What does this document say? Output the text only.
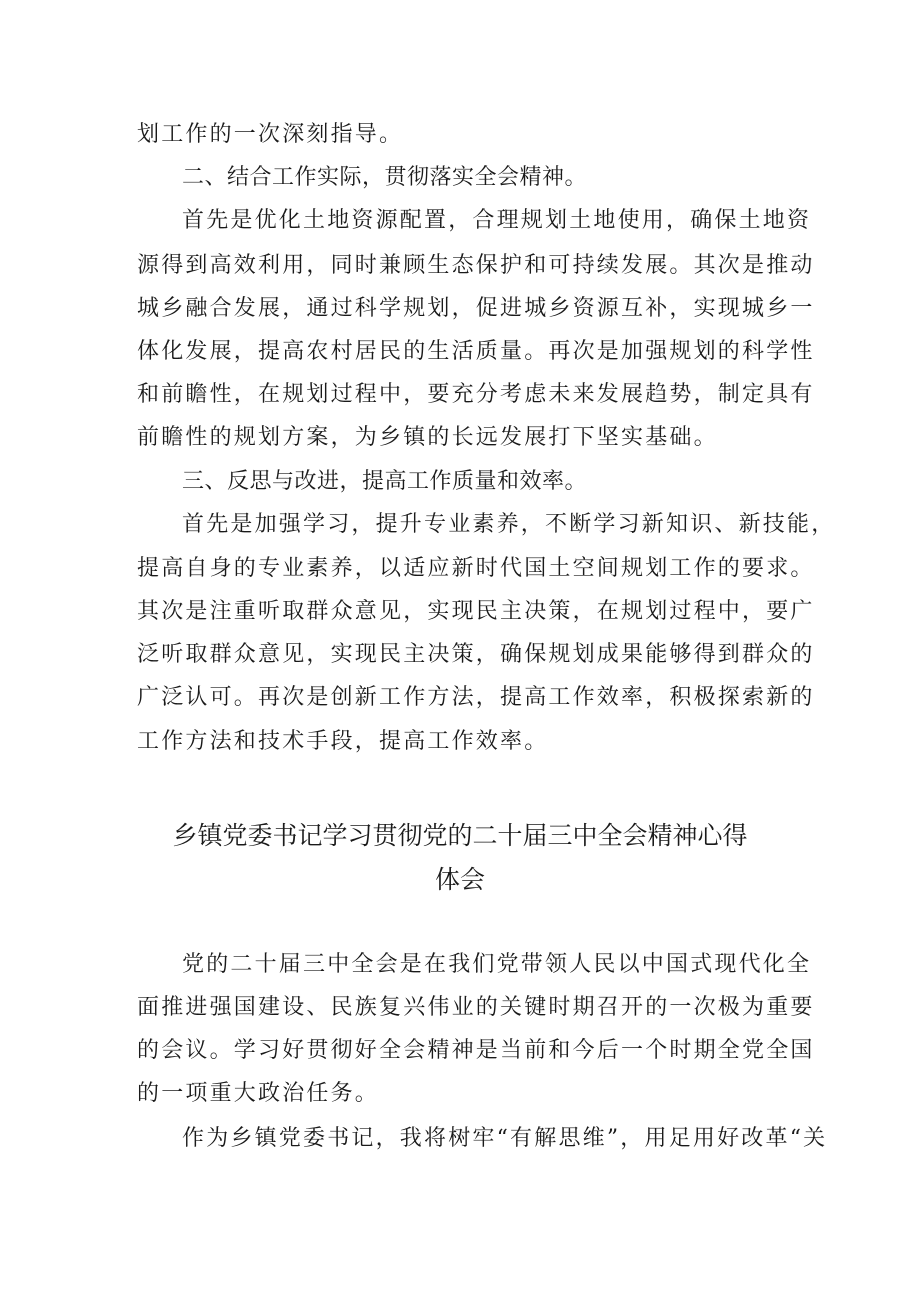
划工作的一次深刻指导。
二、结合工作实际，贯彻落实全会精神。
首先是优化土地资源配置，合理规划土地使用，确保土地资
源得到高效利用，同时兼顾生态保护和可持续发展。其次是推动
城乡融合发展，通过科学规划，促进城乡资源互补，实现城乡一
体化发展，提高农村居民的生活质量。再次是加强规划的科学性
和前瞻性，在规划过程中，要充分考虑未来发展趋势，制定具有
前瞻性的规划方案，为乡镇的长远发展打下坚实基础。
三、反思与改进，提高工作质量和效率。
首先是加强学习，提升专业素养，不断学习新知识、新技能，
提高自身的专业素养，以适应新时代国土空间规划工作的要求。
其次是注重听取群众意见，实现民主决策，在规划过程中，要广
泛听取群众意见，实现民主决策，确保规划成果能够得到群众的
广泛认可。再次是创新工作方法，提高工作效率，积极探索新的
工作方法和技术手段，提高工作效率。
乡镇党委书记学习贯彻党的二十届三中全会精神心得
体会
党的二十届三中全会是在我们党带领人民以中国式现代化全
面推进强国建设、民族复兴伟业的关键时期召开的一次极为重要
的会议。学习好贯彻好全会精神是当前和今后一个时期全党全国
的一项重大政治任务。
作为乡镇党委书记，我将树牢“有解思维”，用足用好改革“关
